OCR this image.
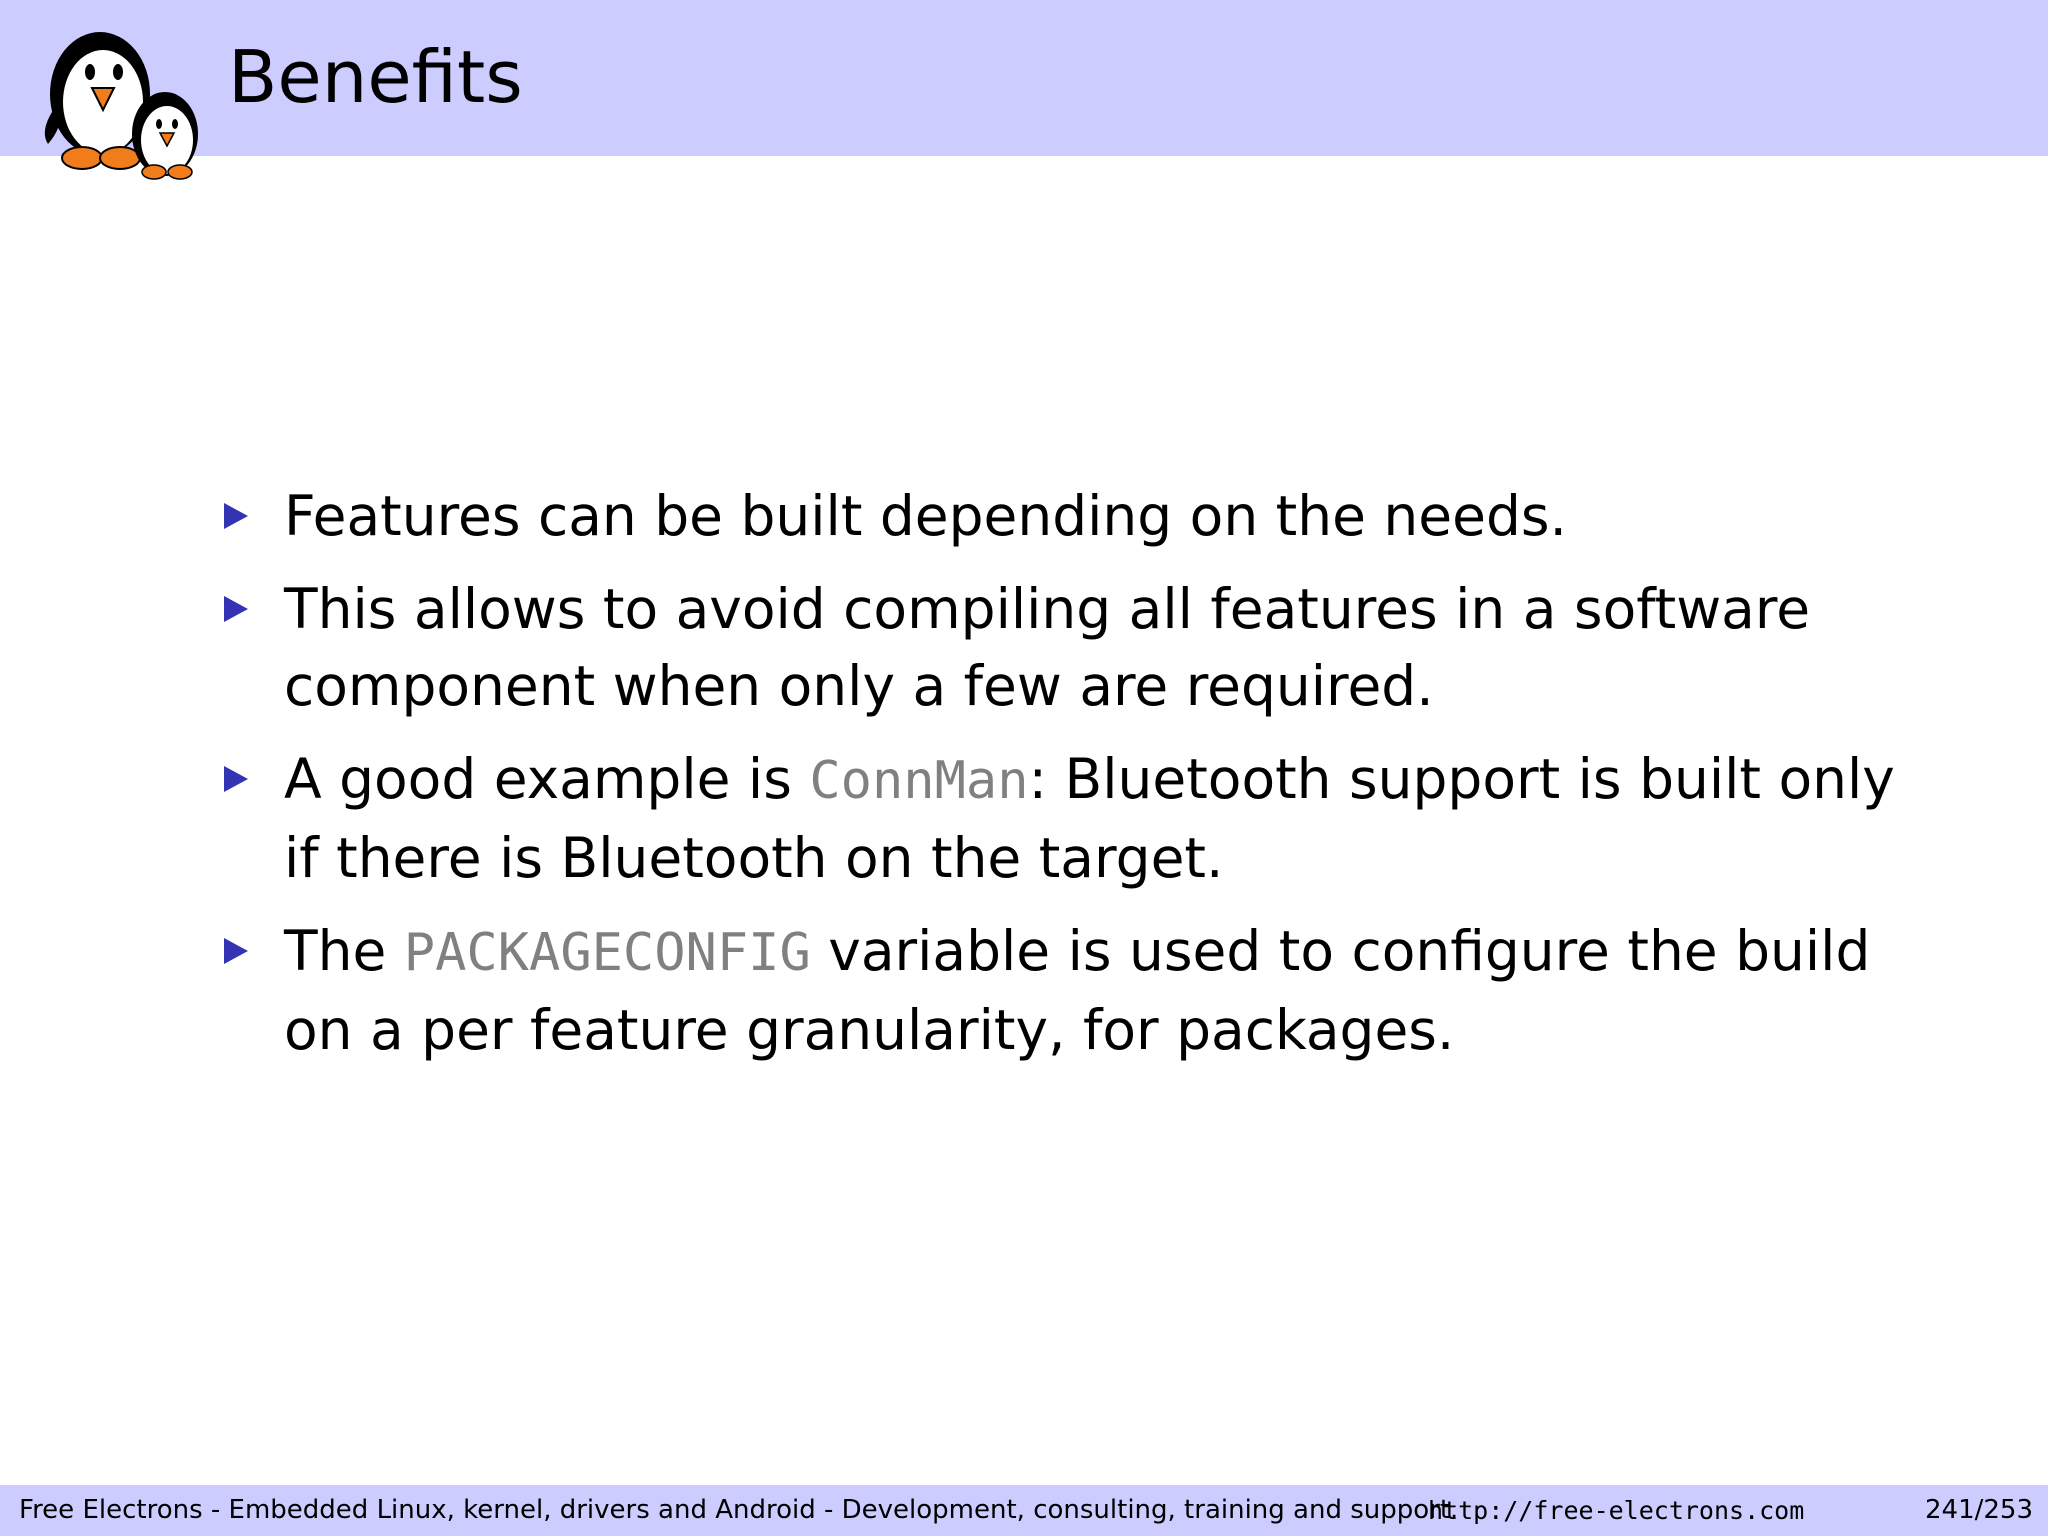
Benefits
Features can be built depending on the needs.
This allows to avoid compiling all features in a software component when only a few are required.
A good example is ConnMan: Bluetooth support is built only if there is Bluetooth on the target.
The PACKAGECONFIG variable is used to configure the build on a per feature granularity, for packages.
Free Electrons - Embedded Linux, kernel, drivers and Android - Development, consulting, training and support.
http://free-electrons.com	241/253
